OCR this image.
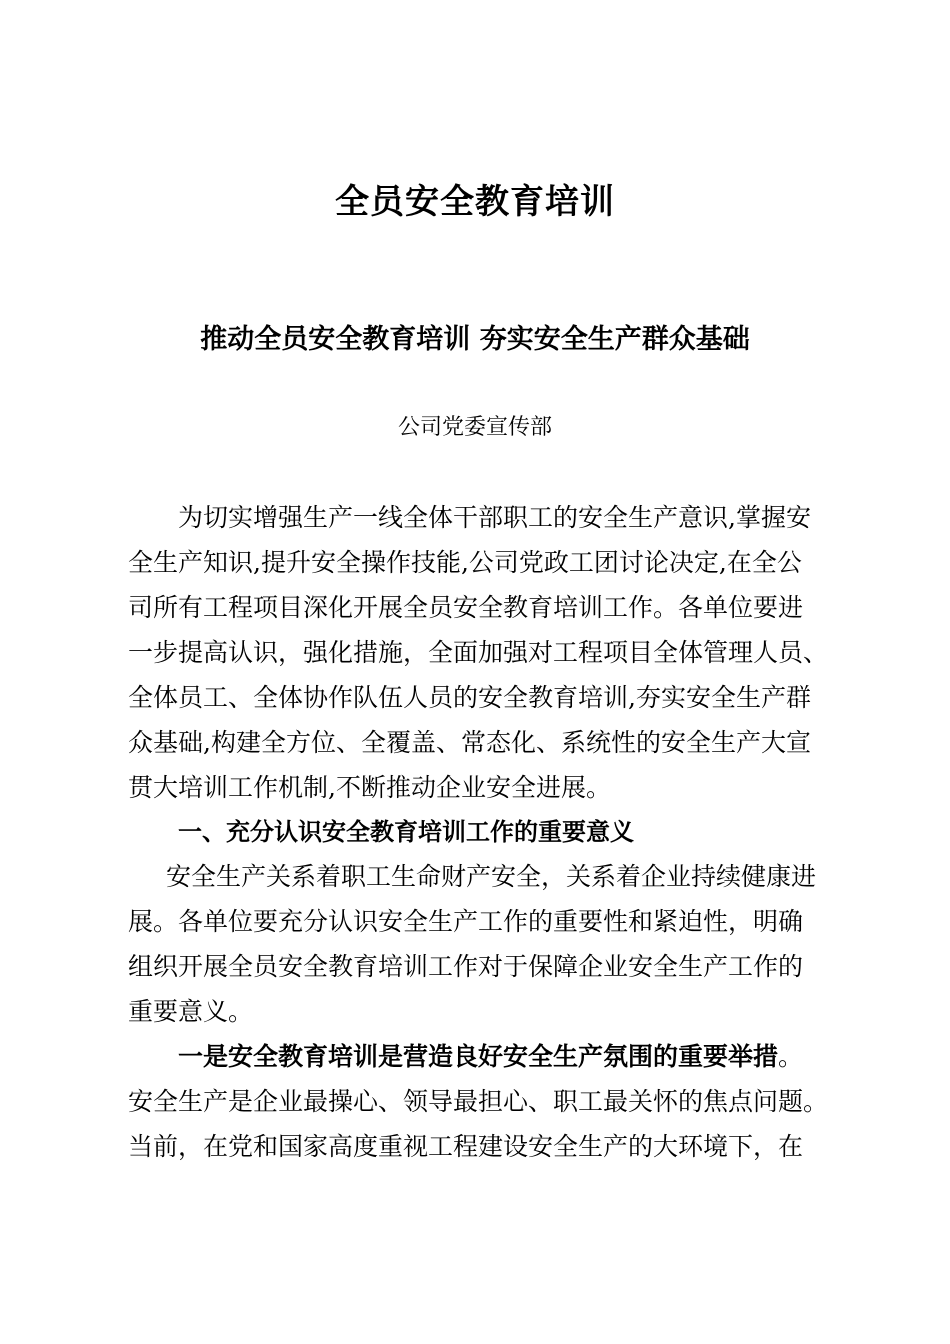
全员安全教育培训
推动全员安全教育培训 夯实安全生产群众基础
公司党委宣传部
为切实增强生产一线全体干部职工的安全生产意识,掌握安
全生产知识,提升安全操作技能,公司党政工团讨论决定,在全公
司所有工程项目深化开展全员安全教育培训工作。各单位要进
一步提高认识，强化措施，全面加强对工程项目全体管理人员、
全体员工、全体协作队伍人员的安全教育培训,夯实安全生产群
众基础,构建全方位、全覆盖、常态化、系统性的安全生产大宣
贯大培训工作机制,不断推动企业安全进展。
一、充分认识安全教育培训工作的重要意义
安全生产关系着职工生命财产安全，关系着企业持续健康进
展。各单位要充分认识安全生产工作的重要性和紧迫性，明确
组织开展全员安全教育培训工作对于保障企业安全生产工作的
重要意义。
一是安全教育培训是营造良好安全生产氛围的重要举措。
安全生产是企业最操心、领导最担心、职工最关怀的焦点问题。
当前，在党和国家高度重视工程建设安全生产的大环境下，在
